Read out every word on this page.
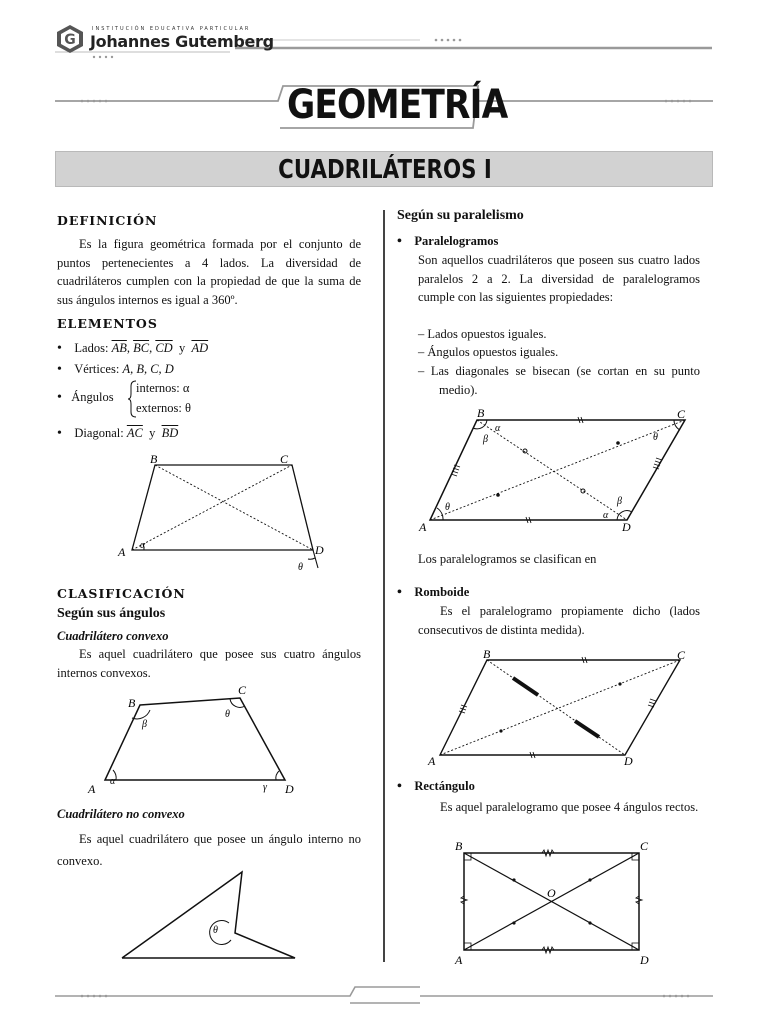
G
INSTITUCIÓN EDUCATIVA PARTICULAR
Johannes Gutemberg
GEOMETRÍA
CUADRILÁTEROS I
DEFINICIÓN
Es la figura geométrica formada por el conjunto de puntos pertenecientes a 4 lados. La diversidad de cuadriláteros cumplen con la propiedad de que la suma de sus ángulos internos es igual a 360º.
ELEMENTOS
• Lados: $\overline{AB}$, $\overline{BC}$, $\overline{CD}$ y $\overline{AD}$
• Vértices: A, B, C, D
• Ángulos
internos: α
externos: θ
• Diagonal: $\overline{AC}$ y $\overline{BD}$
B	C
A	D
α
θ
CLASIFICACIÓN
Según sus ángulos
Cuadrilátero convexo
Es aquel cuadrilátero que posee sus cuatro ángulos internos convexos.
B
C
A	D
α
β
θ
γ
Cuadrilátero no convexo
Es aquel cuadrilátero que posee un ángulo interno no convexo.
θ
Según su paralelismo
• Paralelogramos
Son aquellos cuadriláteros que poseen sus cuatro lados paralelos 2 a 2. La diversidad de paralelogramos cumple con las siguientes propiedades:
– Lados opuestos iguales.
– Ángulos opuestos iguales.
– Las diagonales se bisecan (se cortan en su punto medio).
B	C
A	D
α
β	θ
θ
β
α
Los paralelogramos se clasifican en
• Romboide
Es el paralelogramo propiamente dicho (lados consecutivos de distinta medida).
B	C
A	D
• Rectángulo
Es aquel paralelogramo que posee 4 ángulos rectos.
B	C
A	D
O
